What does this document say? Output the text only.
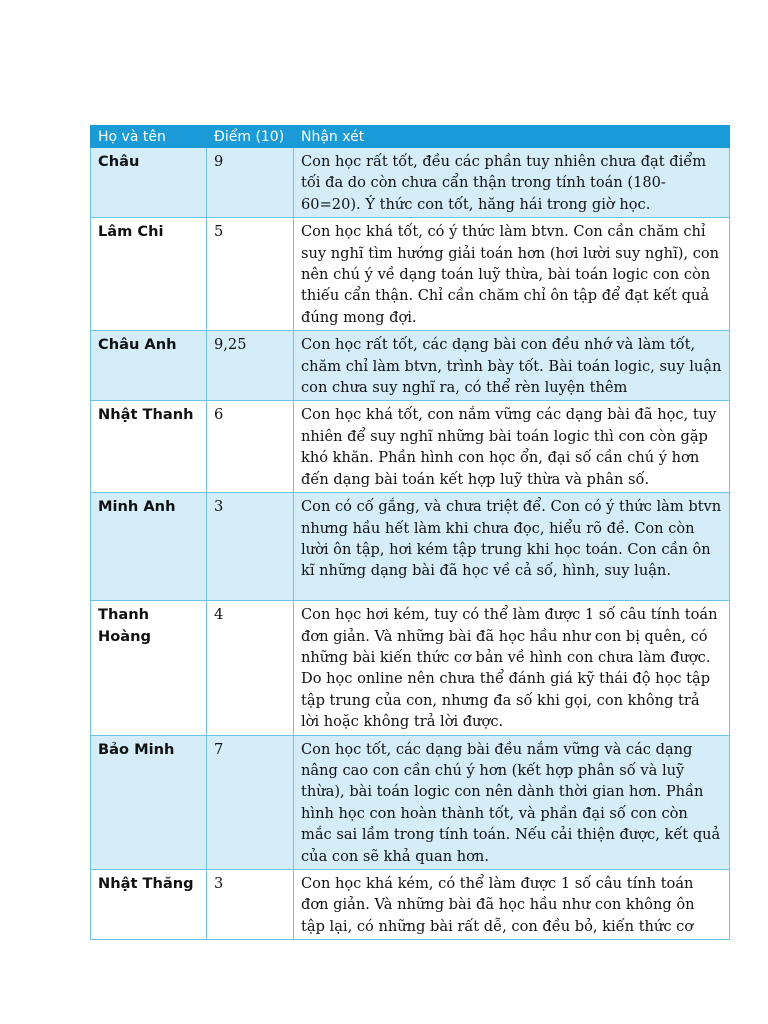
Họ và tên	Điểm (10)	Nhận xét
Châu	9	Con học rất tốt, đều các phần tuy nhiên chưa đạt điểm tối đa do còn chưa cẩn thận trong tính toán (180-60=20). Ý thức con tốt, hăng hái trong giờ học.
Lâm Chi	5	Con học khá tốt, có ý thức làm btvn. Con cần chăm chỉ suy nghĩ tìm hướng giải toán hơn (hơi lười suy nghĩ), con nên chú ý về dạng toán luỹ thừa, bài toán logic con còn thiếu cẩn thận. Chỉ cần chăm chỉ ôn tập để đạt kết quả đúng mong đợi.
Châu Anh	9,25	Con học rất tốt, các dạng bài con đều nhớ và làm tốt, chăm chỉ làm btvn, trình bày tốt. Bài toán logic, suy luận con chưa suy nghĩ ra, có thể rèn luyện thêm
Nhật Thanh	6	Con học khá tốt, con nắm vững các dạng bài đã học, tuy nhiên để suy nghĩ những bài toán logic thì con còn gặp khó khăn. Phần hình con học ổn, đại số cần chú ý hơn đến dạng bài toán kết hợp luỹ thừa và phân số.
Minh Anh	3	Con có cố gắng, và chưa triệt để. Con có ý thức làm btvn nhưng hầu hết làm khi chưa đọc, hiểu rõ đề. Con còn lười ôn tập, hơi kém tập trung khi học toán. Con cần ôn kĩ những dạng bài đã học về cả số, hình, suy luận.
Thanh Hoàng	4	Con học hơi kém, tuy có thể làm được 1 số câu tính toán đơn giản. Và những bài đã học hầu như con bị quên, có những bài kiến thức cơ bản về hình con chưa làm được. Do học online nên chưa thể đánh giá kỹ thái độ học tập tập trung của con, nhưng đa số khi gọi, con không trả lời hoặc không trả lời được.
Bảo Minh	7	Con học tốt, các dạng bài đều nắm vững và các dạng nâng cao con cần chú ý hơn (kết hợp phân số và luỹ thừa), bài toán logic con nên dành thời gian hơn. Phần hình học con hoàn thành tốt, và phần đại số con còn mắc sai lầm trong tính toán. Nếu cải thiện được, kết quả của con sẽ khả quan hơn.
Nhật Thăng	3	Con học khá kém, có thể làm được 1 số câu tính toán đơn giản. Và những bài đã học hầu như con không ôn tập lại, có những bài rất dễ, con đều bỏ, kiến thức cơ
